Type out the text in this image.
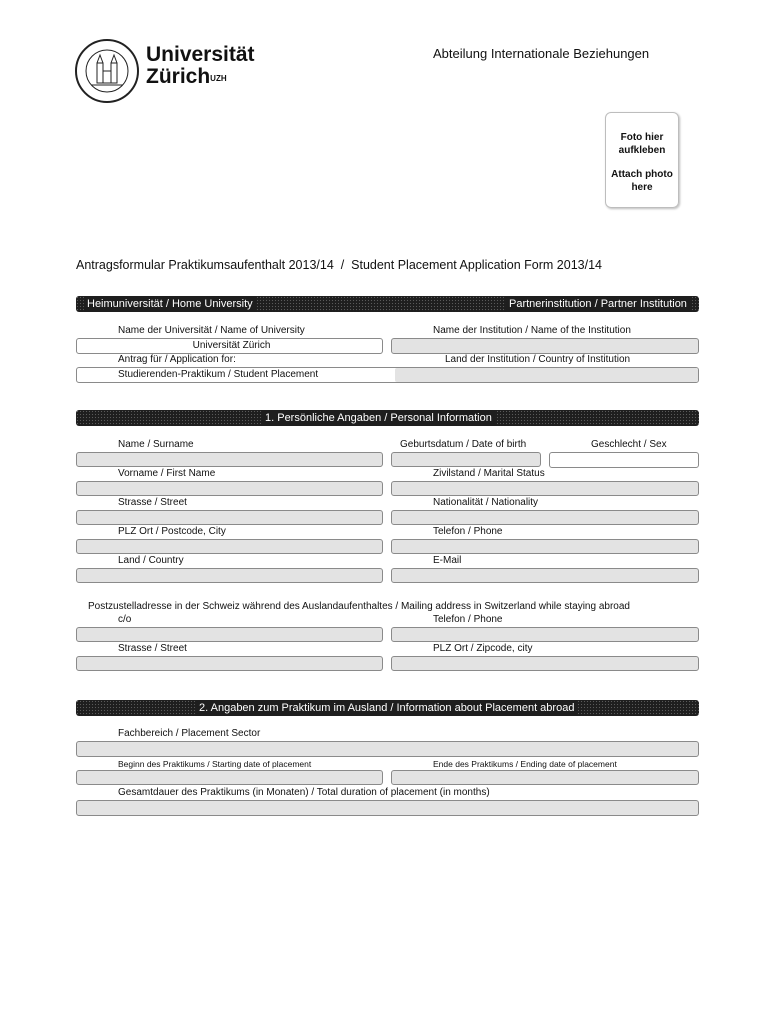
Universität
Zürich$^{UZH}$
Abteilung Internationale Beziehungen
Foto hier
aufkleben
Attach photo
here
Antragsformular Praktikumsaufenthalt 2013/14  /  Student Placement Application Form 2013/14
Heimuniversität / Home University	Partnerinstitution / Partner Institution
Name der Universität / Name of University	Name der Institution / Name of the Institution
Universität Zürich
Antrag für / Application for:	Land der Institution / Country of Institution
Studierenden-Praktikum / Student Placement
1. Persönliche Angaben / Personal Information
Name / Surname	Geburtsdatum / Date of birth	Geschlecht / Sex
Vorname / First Name	Zivilstand / Marital Status
Strasse / Street	Nationalität / Nationality
PLZ Ort / Postcode, City	Telefon / Phone
Land / Country	E-Mail
Postzustelladresse in der Schweiz während des Auslandaufenthaltes / Mailing address in Switzerland while staying abroad
c/o	Telefon / Phone
Strasse / Street	PLZ Ort / Zipcode, city
2. Angaben zum Praktikum im Ausland / Information about Placement abroad
Fachbereich / Placement Sector
Beginn des Praktikums / Starting date of placement	Ende des Praktikums / Ending date of placement
Gesamtdauer des Praktikums (in Monaten) / Total duration of placement (in months)
